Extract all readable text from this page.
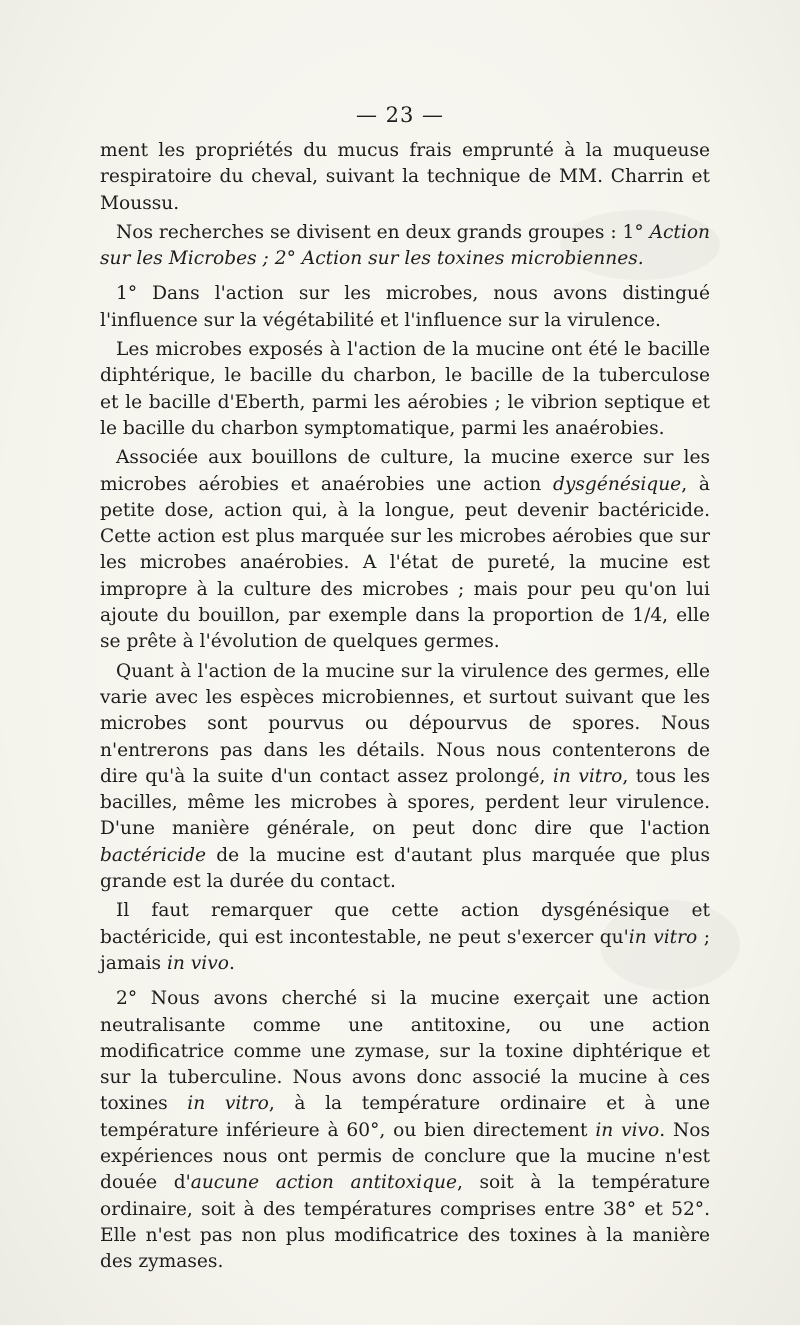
— 23 —

ment les propriétés du mucus frais emprunté à la muqueuse respiratoire du cheval, suivant la technique de MM. Charrin et Moussu.

Nos recherches se divisent en deux grands groupes : 1° Action sur les Microbes ; 2° Action sur les toxines microbiennes.

1° Dans l'action sur les microbes, nous avons distingué l'influence sur la végétabilité et l'influence sur la virulence.

Les microbes exposés à l'action de la mucine ont été le bacille diphtérique, le bacille du charbon, le bacille de la tuberculose et le bacille d'Eberth, parmi les aérobies ; le vibrion septique et le bacille du charbon symptomatique, parmi les anaérobies.

Associée aux bouillons de culture, la mucine exerce sur les microbes aérobies et anaérobies une action dysgénésique, à petite dose, action qui, à la longue, peut devenir bactéricide. Cette action est plus marquée sur les microbes aérobies que sur les microbes anaérobies. A l'état de pureté, la mucine est impropre à la culture des microbes ; mais pour peu qu'on lui ajoute du bouillon, par exemple dans la proportion de 1/4, elle se prête à l'évolution de quelques germes.

Quant à l'action de la mucine sur la virulence des germes, elle varie avec les espèces microbiennes, et surtout suivant que les microbes sont pourvus ou dépourvus de spores. Nous n'entrerons pas dans les détails. Nous nous contenterons de dire qu'à la suite d'un contact assez prolongé, in vitro, tous les bacilles, même les microbes à spores, perdent leur virulence. D'une manière générale, on peut donc dire que l'action bactéricide de la mucine est d'autant plus marquée que plus grande est la durée du contact.

Il faut remarquer que cette action dysgénésique et bactéricide, qui est incontestable, ne peut s'exercer qu'in vitro ; jamais in vivo.

2° Nous avons cherché si la mucine exerçait une action neutralisante comme une antitoxine, ou une action modificatrice comme une zymase, sur la toxine diphtérique et sur la tuberculine. Nous avons donc associé la mucine à ces toxines in vitro, à la température ordinaire et à une température inférieure à 60°, ou bien directement in vivo. Nos expériences nous ont permis de conclure que la mucine n'est douée d'aucune action antitoxique, soit à la température ordinaire, soit à des températures comprises entre 38° et 52°. Elle n'est pas non plus modificatrice des toxines à la manière des zymases.
